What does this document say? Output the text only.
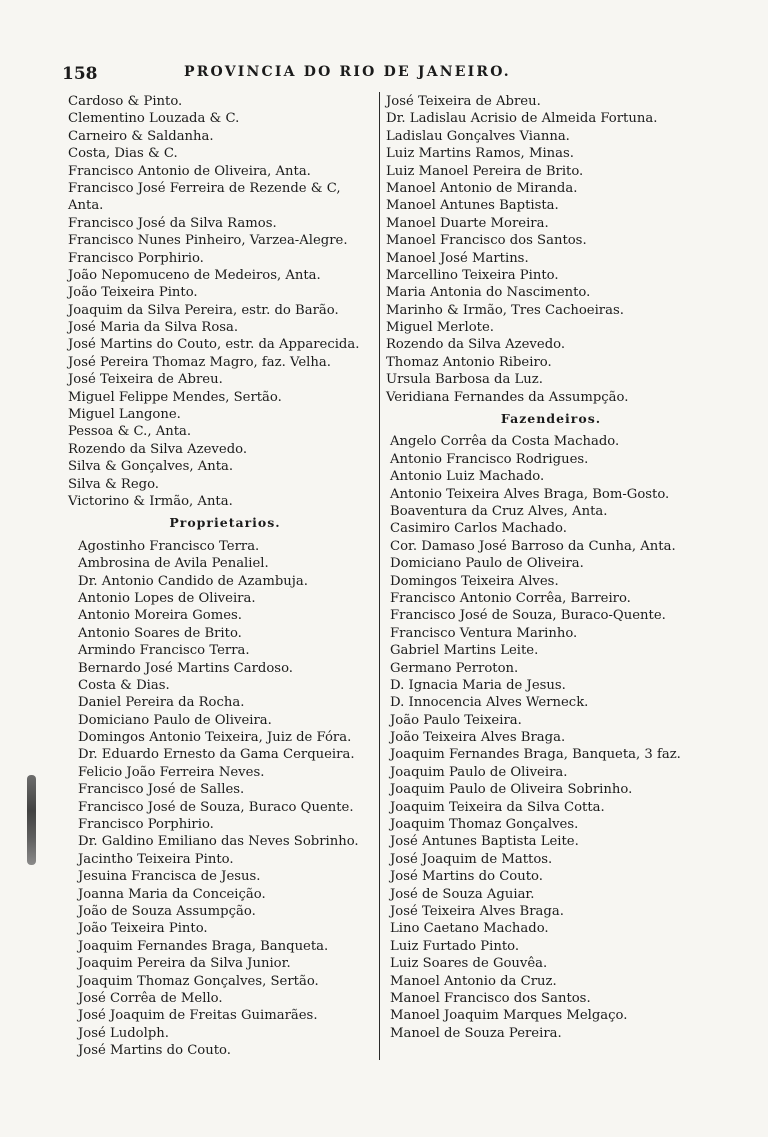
158	PROVINCIA DO RIO DE JANEIRO.
Cardoso & Pinto.
Clementino Louzada & C.
Carneiro & Saldanha.
Costa, Dias & C.
Francisco Antonio de Oliveira, Anta.
Francisco José Ferreira de Rezende & C,
Anta.
Francisco José da Silva Ramos.
Francisco Nunes Pinheiro, Varzea-Alegre.
Francisco Porphirio.
João Nepomuceno de Medeiros, Anta.
João Teixeira Pinto.
Joaquim da Silva Pereira, estr. do Barão.
José Maria da Silva Rosa.
José Martins do Couto, estr. da Apparecida.
José Pereira Thomaz Magro, faz. Velha.
José Teixeira de Abreu.
Miguel Felippe Mendes, Sertão.
Miguel Langone.
Pessoa & C., Anta.
Rozendo da Silva Azevedo.
Silva & Gonçalves, Anta.
Silva & Rego.
Victorino & Irmão, Anta.
Proprietarios.
Agostinho Francisco Terra.
Ambrosina de Avila Penaliel.
Dr. Antonio Candido de Azambuja.
Antonio Lopes de Oliveira.
Antonio Moreira Gomes.
Antonio Soares de Brito.
Armindo Francisco Terra.
Bernardo José Martins Cardoso.
Costa & Dias.
Daniel Pereira da Rocha.
Domiciano Paulo de Oliveira.
Domingos Antonio Teixeira, Juiz de Fóra.
Dr. Eduardo Ernesto da Gama Cerqueira.
Felicio João Ferreira Neves.
Francisco José de Salles.
Francisco José de Souza, Buraco Quente.
Francisco Porphirio.
Dr. Galdino Emiliano das Neves Sobrinho.
Jacintho Teixeira Pinto.
Jesuina Francisca de Jesus.
Joanna Maria da Conceição.
João de Souza Assumpção.
João Teixeira Pinto.
Joaquim Fernandes Braga, Banqueta.
Joaquim Pereira da Silva Junior.
Joaquim Thomaz Gonçalves, Sertão.
José Corrêa de Mello.
José Joaquim de Freitas Guimarães.
José Ludolph.
José Martins do Couto.
José Teixeira de Abreu.
Dr. Ladislau Acrisio de Almeida Fortuna.
Ladislau Gonçalves Vianna.
Luiz Martins Ramos, Minas.
Luiz Manoel Pereira de Brito.
Manoel Antonio de Miranda.
Manoel Antunes Baptista.
Manoel Duarte Moreira.
Manoel Francisco dos Santos.
Manoel José Martins.
Marcellino Teixeira Pinto.
Maria Antonia do Nascimento.
Marinho & Irmão, Tres Cachoeiras.
Miguel Merlote.
Rozendo da Silva Azevedo.
Thomaz Antonio Ribeiro.
Ursula Barbosa da Luz.
Veridiana Fernandes da Assumpção.
Fazendeiros.
Angelo Corrêa da Costa Machado.
Antonio Francisco Rodrigues.
Antonio Luiz Machado.
Antonio Teixeira Alves Braga, Bom-Gosto.
Boaventura da Cruz Alves, Anta.
Casimiro Carlos Machado.
Cor. Damaso José Barroso da Cunha, Anta.
Domiciano Paulo de Oliveira.
Domingos Teixeira Alves.
Francisco Antonio Corrêa, Barreiro.
Francisco José de Souza, Buraco-Quente.
Francisco Ventura Marinho.
Gabriel Martins Leite.
Germano Perroton.
D. Ignacia Maria de Jesus.
D. Innocencia Alves Werneck.
João Paulo Teixeira.
João Teixeira Alves Braga.
Joaquim Fernandes Braga, Banqueta, 3 faz.
Joaquim Paulo de Oliveira.
Joaquim Paulo de Oliveira Sobrinho.
Joaquim Teixeira da Silva Cotta.
Joaquim Thomaz Gonçalves.
José Antunes Baptista Leite.
José Joaquim de Mattos.
José Martins do Couto.
José de Souza Aguiar.
José Teixeira Alves Braga.
Lino Caetano Machado.
Luiz Furtado Pinto.
Luiz Soares de Gouvêa.
Manoel Antonio da Cruz.
Manoel Francisco dos Santos.
Manoel Joaquim Marques Melgaço.
Manoel de Souza Pereira.
